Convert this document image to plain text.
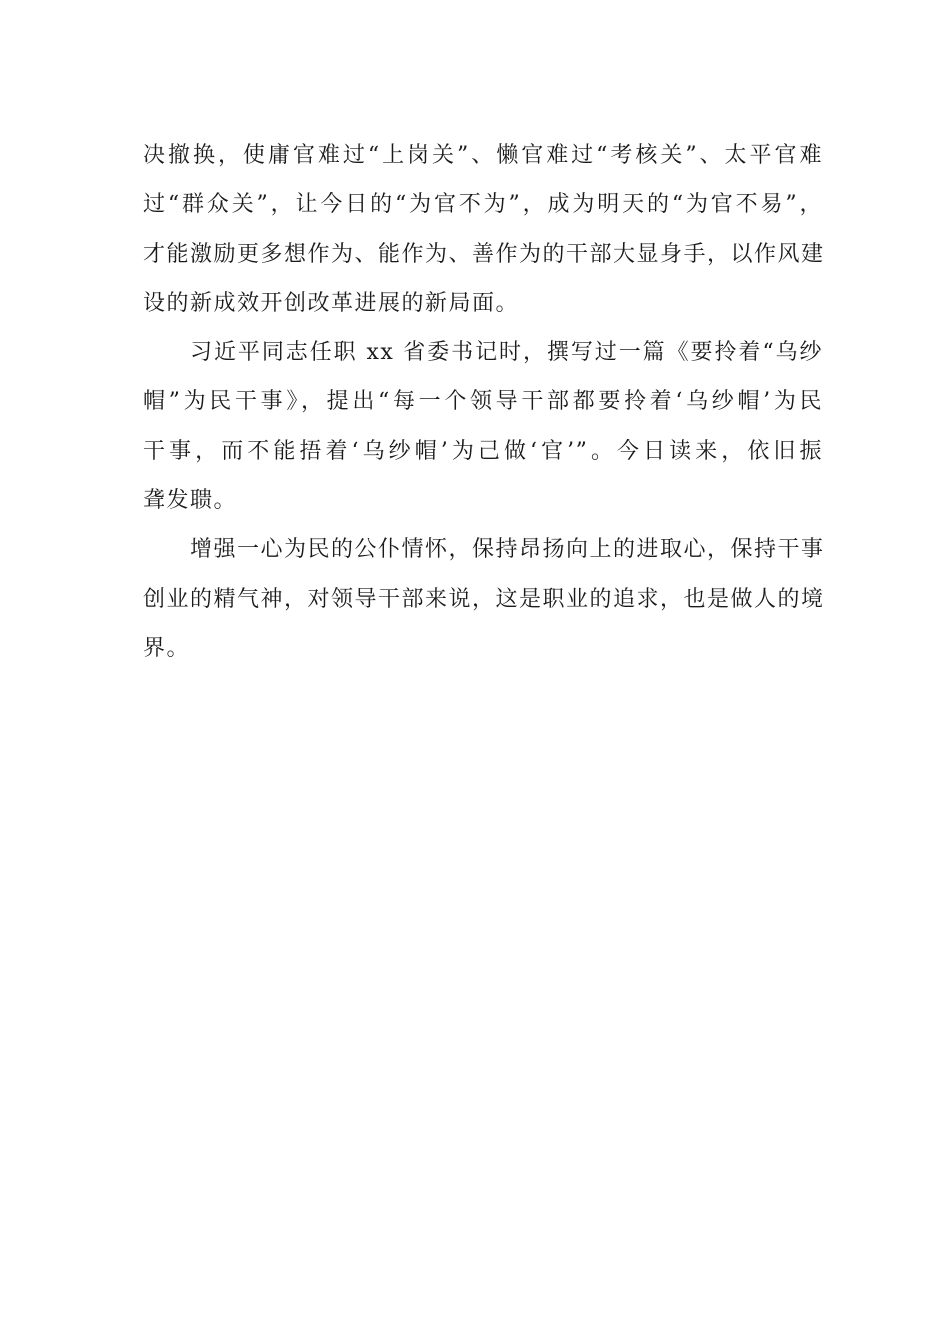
决撤换，使庸官难过“上岗关”、懒官难过“考核关”、太平官难
过“群众关”，让今日的“为官不为”，成为明天的“为官不易”，
才能激励更多想作为、能作为、善作为的干部大显身手，以作风建
设的新成效开创改革进展的新局面。
习近平同志任职 xx 省委书记时，撰写过一篇《要拎着“乌纱
帽”为民干事》，提出“每一个领导干部都要拎着‘乌纱帽’为民
干事，而不能捂着‘乌纱帽’为己做‘官’”。今日读来，依旧振
聋发聩。
增强一心为民的公仆情怀，保持昂扬向上的进取心，保持干事
创业的精气神，对领导干部来说，这是职业的追求，也是做人的境
界。
